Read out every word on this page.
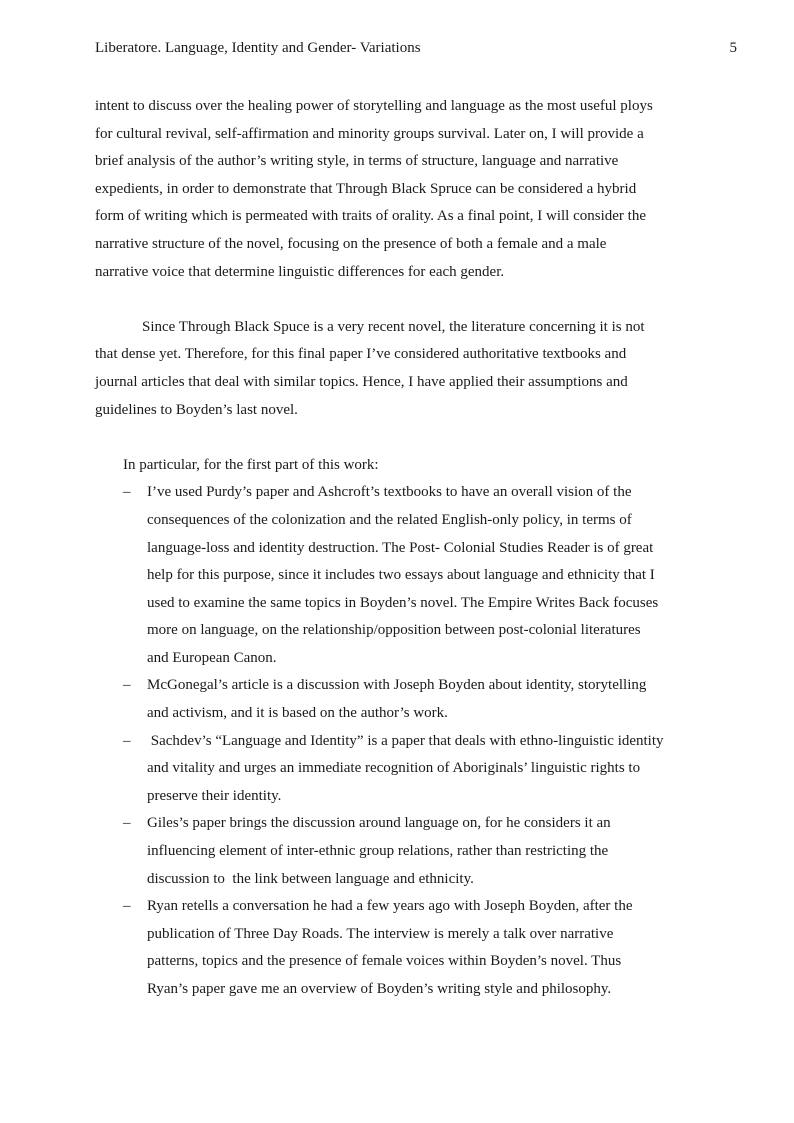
Liberatore. Language, Identity and Gender- Variations	5

intent to discuss over the healing power of storytelling and language as the most useful ploys
for cultural revival, self-affirmation and minority groups survival. Later on, I will provide a
brief analysis of the author’s writing style, in terms of structure, language and narrative
expedients, in order to demonstrate that Through Black Spruce can be considered a hybrid
form of writing which is permeated with traits of orality. As a final point, I will consider the
narrative structure of the novel, focusing on the presence of both a female and a male
narrative voice that determine linguistic differences for each gender.

Since Through Black Spuce is a very recent novel, the literature concerning it is not
that dense yet. Therefore, for this final paper I’ve considered authoritative textbooks and
journal articles that deal with similar topics. Hence, I have applied their assumptions and
guidelines to Boyden’s last novel.

In particular, for the first part of this work:

– I’ve used Purdy’s paper and Ashcroft’s textbooks to have an overall vision of the
consequences of the colonization and the related English-only policy, in terms of
language-loss and identity destruction. The Post- Colonial Studies Reader is of great
help for this purpose, since it includes two essays about language and ethnicity that I
used to examine the same topics in Boyden’s novel. The Empire Writes Back focuses
more on language, on the relationship/opposition between post-colonial literatures
and European Canon.
– McGonegal’s article is a discussion with Joseph Boyden about identity, storytelling
and activism, and it is based on the author’s work.
– Sachdev’s “Language and Identity” is a paper that deals with ethno-linguistic identity
and vitality and urges an immediate recognition of Aboriginals’ linguistic rights to
preserve their identity.
– Giles’s paper brings the discussion around language on, for he considers it an
influencing element of inter-ethnic group relations, rather than restricting the
discussion to  the link between language and ethnicity.
– Ryan retells a conversation he had a few years ago with Joseph Boyden, after the
publication of Three Day Roads. The interview is merely a talk over narrative
patterns, topics and the presence of female voices within Boyden’s novel. Thus
Ryan’s paper gave me an overview of Boyden’s writing style and philosophy.
